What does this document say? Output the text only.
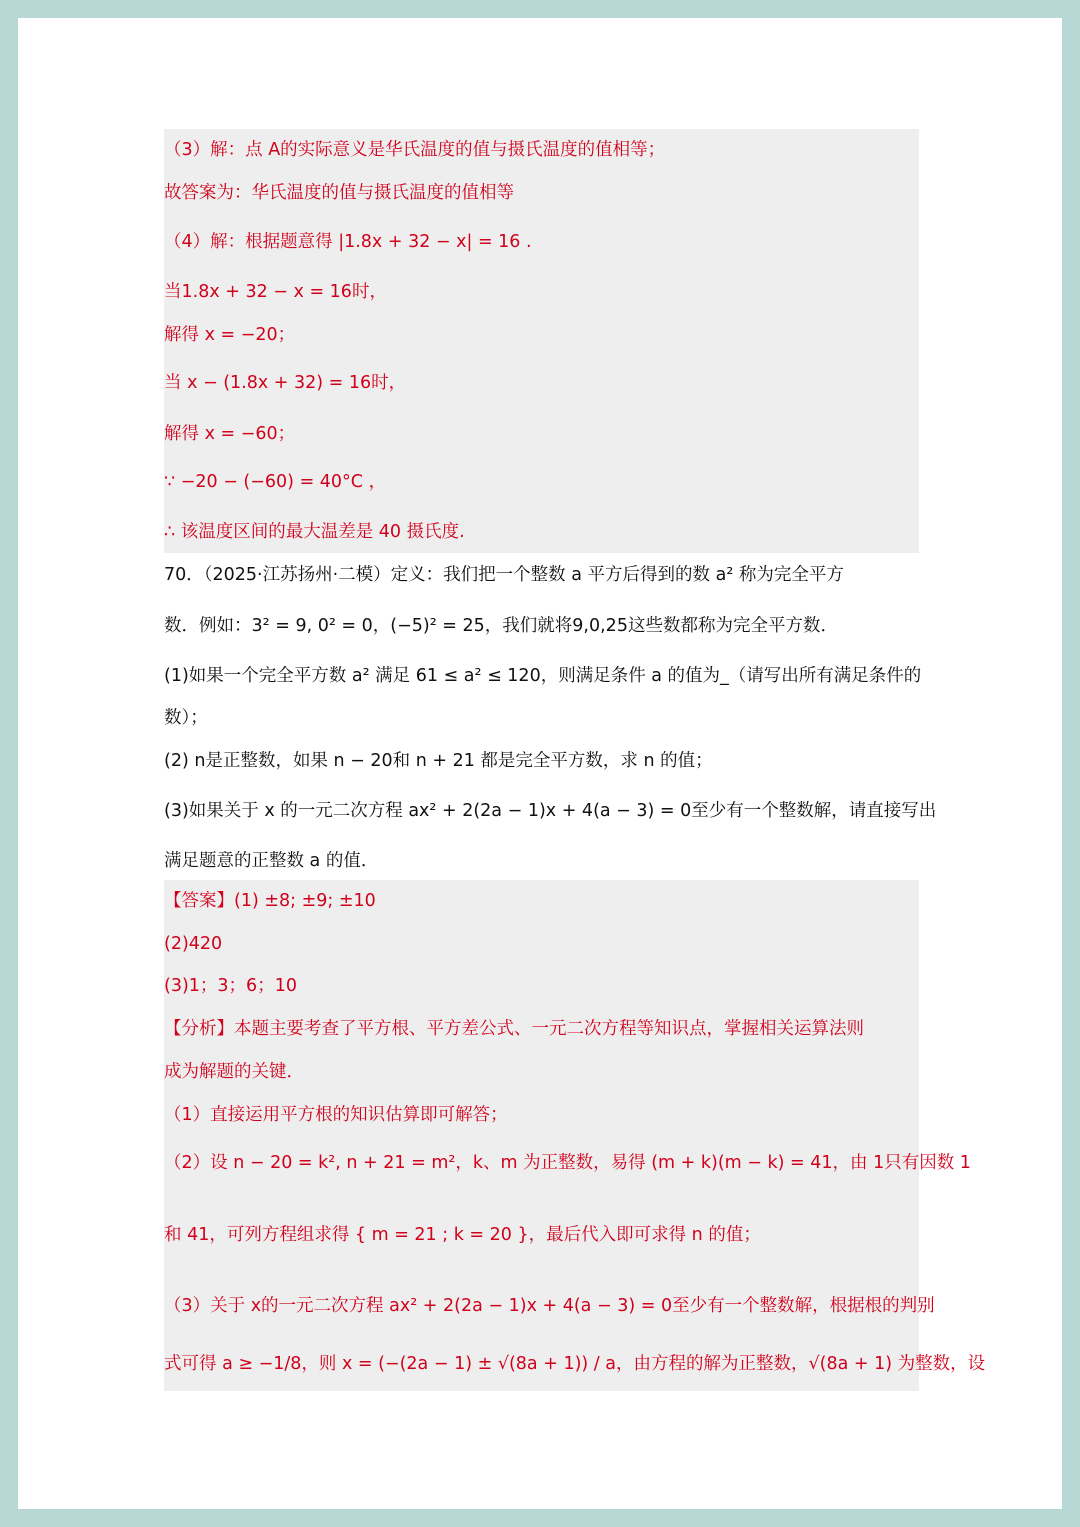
（3）解：点 A的实际意义是华氏温度的值与摄氏温度的值相等；
故答案为：华氏温度的值与摄氏温度的值相等
（4）解：根据题意得 |1.8x + 32 − x| = 16 .
当1.8x + 32 − x = 16时，
解得 x = −20；
当 x − (1.8x + 32) = 16时，
解得 x = −60；
∵ −20 − (−60) = 40°C ，
∴ 该温度区间的最大温差是 40 摄氏度.
70．（2025·江苏扬州·二模）定义：我们把一个整数 a 平方后得到的数 a² 称为完全平方
数．例如：3² = 9, 0² = 0，(−5)² = 25，我们就将9,0,25这些数都称为完全平方数．
(1)如果一个完全平方数 a² 满足 61 ≤ a² ≤ 120，则满足条件 a 的值为_（请写出所有满足条件的
数）；
(2) n是正整数，如果 n − 20和 n + 21 都是完全平方数，求 n 的值；
(3)如果关于 x 的一元二次方程 ax² + 2(2a − 1)x + 4(a − 3) = 0至少有一个整数解，请直接写出
满足题意的正整数 a 的值．
【答案】(1) ±8; ±9; ±10
(2)420
(3)1；3；6；10
【分析】本题主要考查了平方根、平方差公式、一元二次方程等知识点，掌握相关运算法则
成为解题的关键．
（1）直接运用平方根的知识估算即可解答；
（2）设 n − 20 = k², n + 21 = m²，k、m 为正整数，易得 (m + k)(m − k) = 41，由 1只有因数 1
和 41，可列方程组求得 { m = 21 ; k = 20 }，最后代入即可求得 n 的值；
（3）关于 x的一元二次方程 ax² + 2(2a − 1)x + 4(a − 3) = 0至少有一个整数解，根据根的判别
式可得 a ≥ −1/8，则 x = (−(2a − 1) ± √(8a + 1)) / a，由方程的解为正整数，√(8a + 1) 为整数，设
